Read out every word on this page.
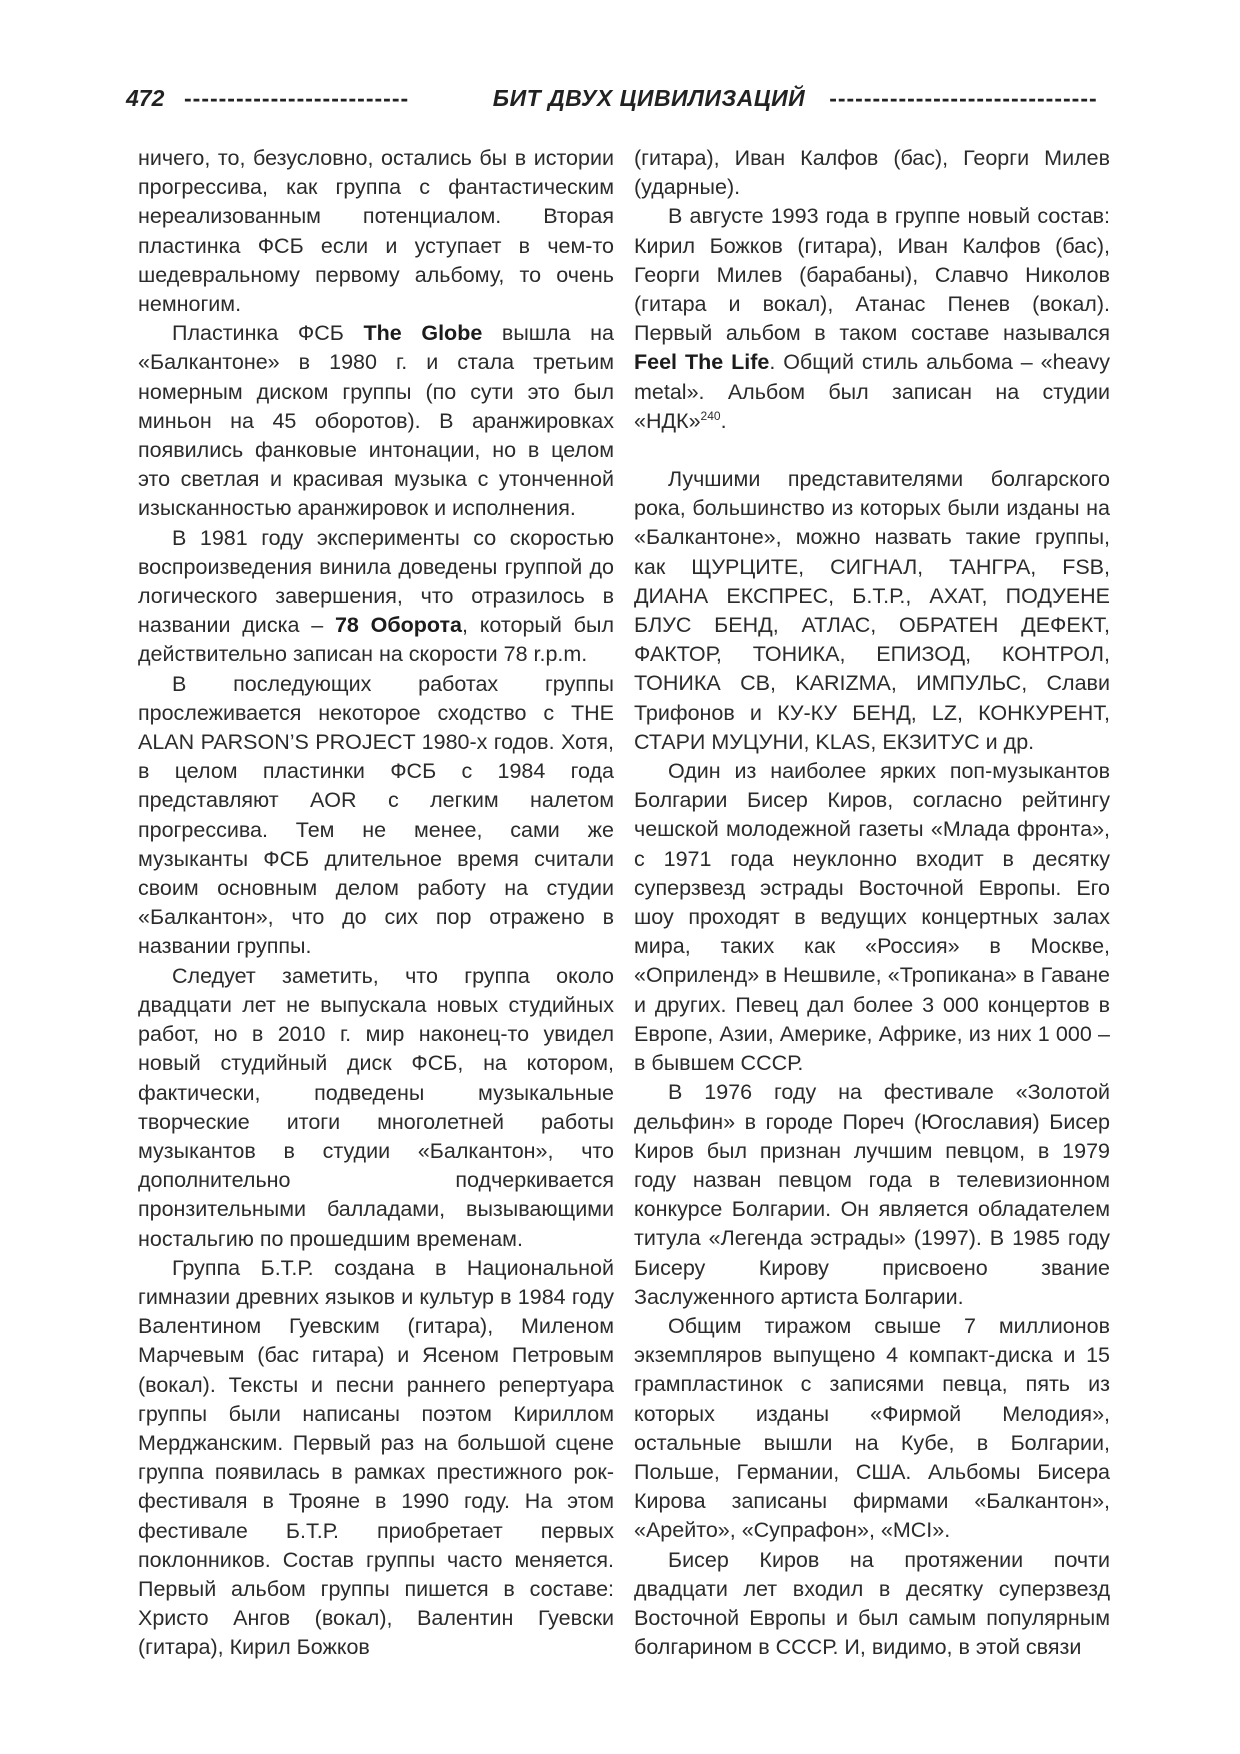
472 --------------------------	БИТ ДВУХ ЦИВИЛИЗАЦИЙ -------------------------------

ничего, то, безусловно, остались бы в истории прогрессива, как группа с фантастическим нереализованным потенциалом. Вторая пластинка ФСБ если и уступает в чем-то шедевральному первому альбому, то очень немногим.

Пластинка ФСБ The Globe вышла на «Балкантоне» в 1980 г. и стала третьим номерным диском группы (по сути это был миньон на 45 оборотов). В аранжировках появились фанковые интонации, но в целом это светлая и красивая музыка с утонченной изысканностью аранжировок и исполнения.

В 1981 году эксперименты со скоростью воспроизведения винила доведены группой до логического завершения, что отразилось в названии диска – 78 Оборота, который был действительно записан на скорости 78 r.p.m.

В последующих работах группы прослеживается некоторое сходство с THE ALAN PARSON’S PROJECT 1980-х годов. Хотя, в целом пластинки ФСБ с 1984 года представляют AOR с легким налетом прогрессива. Тем не менее, сами же музыканты ФСБ длительное время считали своим основным делом работу на студии «Балкантон», что до сих пор отражено в названии группы.

Следует заметить, что группа около двадцати лет не выпускала новых студийных работ, но в 2010 г. мир наконец-то увидел новый студийный диск ФСБ, на котором, фактически, подведены музыкальные творческие итоги многолетней работы музыкантов в студии «Балкантон», что дополнительно подчеркивается пронзительными балладами, вызывающими ностальгию по прошедшим временам.

Группа Б.Т.Р. создана в Национальной гимназии древних языков и культур в 1984 году Валентином Гуевским (гитара), Миленом Марчевым (бас гитара) и Ясеном Петровым (вокал). Тексты и песни раннего репертуара группы были написаны поэтом Кириллом Мерджанским. Первый раз на большой сцене группа появилась в рамках престижного рок-фестиваля в Трояне в 1990 году. На этом фестивале Б.Т.Р. приобретает первых поклонников. Состав группы часто меняется. Первый альбом группы пишется в составе: Христо Ангов (вокал), Валентин Гуевски (гитара), Кирил Божков

(гитара), Иван Калфов (бас), Георги Милев (ударные).

В августе 1993 года в группе новый состав: Кирил Божков (гитара), Иван Калфов (бас), Георги Милев (барабаны), Славчо Николов (гитара и вокал), Атанас Пенев (вокал). Первый альбом в таком составе назывался Feel The Life. Общий стиль альбома – «heavy metal». Альбом был записан на студии «НДК»$^{240}$.

Лучшими представителями болгарского рока, большинство из которых были изданы на «Балкантоне», можно назвать такие группы, как ЩУРЦИТЕ, СИГНАЛ, ТАНГРА, FSB, ДИАНА ЕКСПРЕС, Б.Т.Р., АХАТ, ПОДУЕНЕ БЛУС БЕНД, АТЛАС, ОБРАТЕН ДЕФЕКТ, ФАКТОР, ТОНИКА, ЕПИЗОД, КОНТРОЛ, ТОНИКА СВ, KARIZMA, ИМПУЛЬС, Слави Трифонов и КУ-КУ БЕНД, LZ, КОНКУРЕНТ, СТАРИ МУЦУНИ, KLAS, ЕКЗИТУС и др.

Один из наиболее ярких поп-музыкантов Болгарии Бисер Киров, согласно рейтингу чешской молодежной газеты «Млада фронта», с 1971 года неуклонно входит в десятку суперзвезд эстрады Восточной Европы. Его шоу проходят в ведущих концертных залах мира, таких как «Россия» в Москве, «Оприленд» в Нешвиле, «Тропикана» в Гаване и других. Певец дал более 3 000 концертов в Европе, Азии, Америке, Африке, из них 1 000 – в бывшем СССР.

В 1976 году на фестивале «Золотой дельфин» в городе Пореч (Югославия) Бисер Киров был признан лучшим певцом, в 1979 году назван певцом года в телевизионном конкурсе Болгарии. Он является обладателем титула «Легенда эстрады» (1997). В 1985 году Бисеру Кирову присвоено звание Заслуженного артиста Болгарии.

Общим тиражом свыше 7 миллионов экземпляров выпущено 4 компакт-диска и 15 грампластинок с записями певца, пять из которых изданы «Фирмой Мелодия», остальные вышли на Кубе, в Болгарии, Польше, Германии, США. Альбомы Бисера Кирова записаны фирмами «Балкантон», «Арейто», «Супрафон», «MCI».

Бисер Киров на протяжении почти двадцати лет входил в десятку суперзвезд Восточной Европы и был самым популярным болгарином в СССР. И, видимо, в этой связи
